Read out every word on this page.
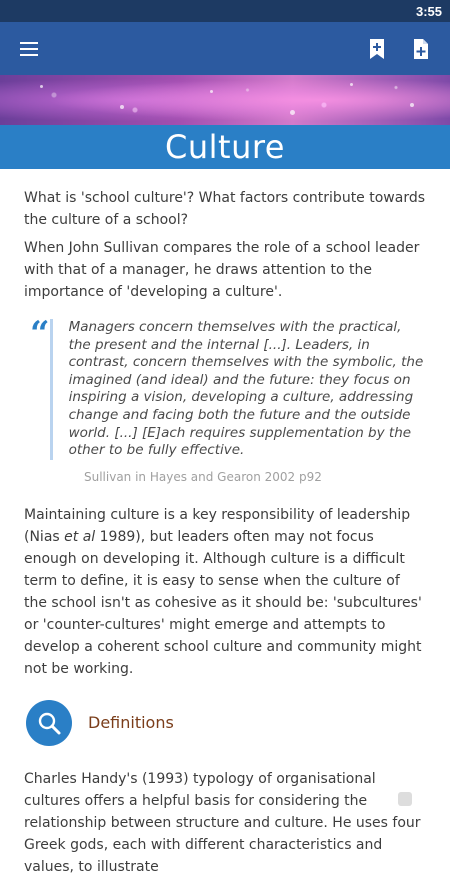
3:55
Culture

What is 'school culture'? What factors contribute towards the culture of a school?

When John Sullivan compares the role of a school leader with that of a manager, he draws attention to the importance of 'developing a culture'.

“ Managers concern themselves with the practical, the present and the internal [...]. Leaders, in contrast, concern themselves with the symbolic, the imagined (and ideal) and the future: they focus on inspiring a vision, developing a culture, addressing change and facing both the future and the outside world. [...] [E]ach requires supplementation by the other to be fully effective.

Sullivan in Hayes and Gearon 2002 p92

Maintaining culture is a key responsibility of leadership (Nias et al 1989), but leaders often may not focus enough on developing it. Although culture is a difficult term to define, it is easy to sense when the culture of the school isn't as cohesive as it should be: 'subcultures' or 'counter-cultures' might emerge and attempts to develop a coherent school culture and community might not be working.

Definitions

Charles Handy's (1993) typology of organisational cultures offers a helpful basis for considering the relationship between structure and culture. He uses four Greek gods, each with different characteristics and values, to illustrate
